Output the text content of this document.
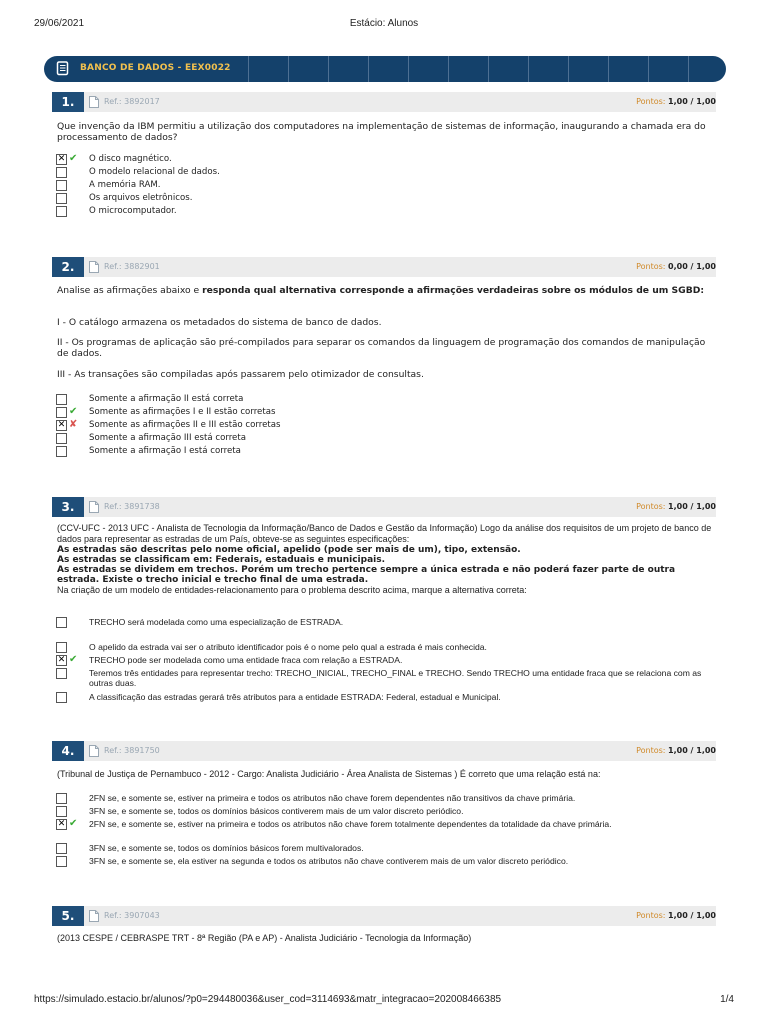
29/06/2021	Estácio: Alunos
BANCO DE DADOS - EEX0022
1.	Ref.: 3892017	Pontos: 1,00 / 1,00
Que invenção da IBM permitiu a utilização dos computadores na implementação de sistemas de informação, inaugurando a chamada era do processamento de dados?
✕
✔ O disco magnético.
O modelo relacional de dados.
A memória RAM.
Os arquivos eletrônicos.
O microcomputador.
2.	Ref.: 3882901	Pontos: 0,00 / 1,00
Analise as afirmações abaixo e responda qual alternativa corresponde a afirmações verdadeiras sobre os módulos de um SGBD:
I - O catálogo armazena os metadados do sistema de banco de dados.
II - Os programas de aplicação são pré-compilados para separar os comandos da linguagem de programação dos comandos de manipulação de dados.
III - As transações são compiladas após passarem pelo otimizador de consultas.
Somente a afirmação II está correta
✔ Somente as afirmações I e II estão corretas
✕
✘ Somente as afirmações II e III estão corretas
Somente a afirmação III está correta
Somente a afirmação I está correta
3.	Ref.: 3891738	Pontos: 1,00 / 1,00
(CCV-UFC - 2013 UFC - Analista de Tecnologia da Informação/Banco de Dados e Gestão da Informação) Logo da análise dos requisitos de um projeto de banco de dados para representar as estradas de um País, obteve-se as seguintes especificações:
As estradas são descritas pelo nome oficial, apelido (pode ser mais de um), tipo, extensão.
As estradas se classificam em: Federais, estaduais e municipais.
As estradas se dividem em trechos. Porém um trecho pertence sempre a única estrada e não poderá fazer parte de outra estrada. Existe o trecho inicial e trecho final de uma estrada.
Na criação de um modelo de entidades-relacionamento para o problema descrito acima, marque a alternativa correta:
TRECHO será modelada como uma especialização de ESTRADA.
O apelido da estrada vai ser o atributo identificador pois é o nome pelo qual a estrada é mais conhecida.
✕
✔ TRECHO pode ser modelada como uma entidade fraca com relação a ESTRADA.
Teremos três entidades para representar trecho: TRECHO_INICIAL, TRECHO_FINAL e TRECHO. Sendo TRECHO uma entidade fraca que se relaciona com as outras duas.
A classificação das estradas gerará três atributos para a entidade ESTRADA: Federal, estadual e Municipal.
4.	Ref.: 3891750	Pontos: 1,00 / 1,00
(Tribunal de Justiça de Pernambuco - 2012 - Cargo: Analista Judiciário - Área Analista de Sistemas ) É correto que uma relação está na:
2FN se, e somente se, estiver na primeira e todos os atributos não chave forem dependentes não transitivos da chave primária.
3FN se, e somente se, todos os domínios básicos contiverem mais de um valor discreto periódico.
✕
✔ 2FN se, e somente se, estiver na primeira e todos os atributos não chave forem totalmente dependentes da totalidade da chave primária.
3FN se, e somente se, todos os domínios básicos forem multivalorados.
3FN se, e somente se, ela estiver na segunda e todos os atributos não chave contiverem mais de um valor discreto periódico.
5.	Ref.: 3907043	Pontos: 1,00 / 1,00
(2013 CESPE / CEBRASPE TRT - 8ª Região (PA e AP) - Analista Judiciário - Tecnologia da Informação)
https://simulado.estacio.br/alunos/?p0=294480036&user_cod=3114693&matr_integracao=202008466385	1/4
